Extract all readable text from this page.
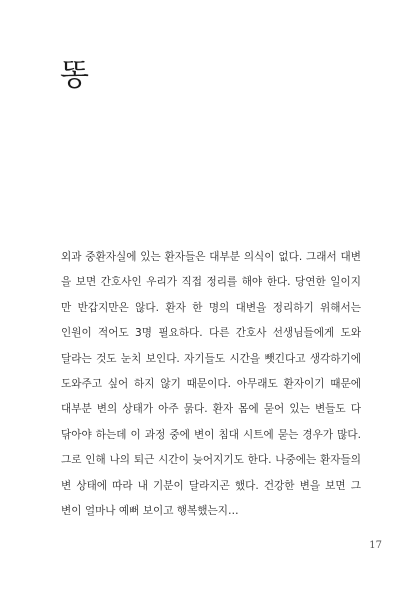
똥
외과 중환자실에 있는 환자들은 대부분 의식이 없다. 그래서 대변
을 보면 간호사인 우리가 직접 정리를 해야 한다. 당연한 일이지
만 반갑지만은 않다. 환자 한 명의 대변을 정리하기 위해서는
인원이 적어도 3명 필요하다. 다른 간호사 선생님들에게 도와
달라는 것도 눈치 보인다. 자기들도 시간을 뺏긴다고 생각하기에
도와주고 싶어 하지 않기 때문이다. 아무래도 환자이기 때문에
대부분 변의 상태가 아주 묽다. 환자 몸에 묻어 있는 변들도 다
닦아야 하는데 이 과정 중에 변이 침대 시트에 묻는 경우가 많다.
그로 인해 나의 퇴근 시간이 늦어지기도 한다. 나중에는 환자들의
변 상태에 따라 내 기분이 달라지곤 했다. 건강한 변을 보면 그
변이 얼마나 예뻐 보이고 행복했는지…
17
